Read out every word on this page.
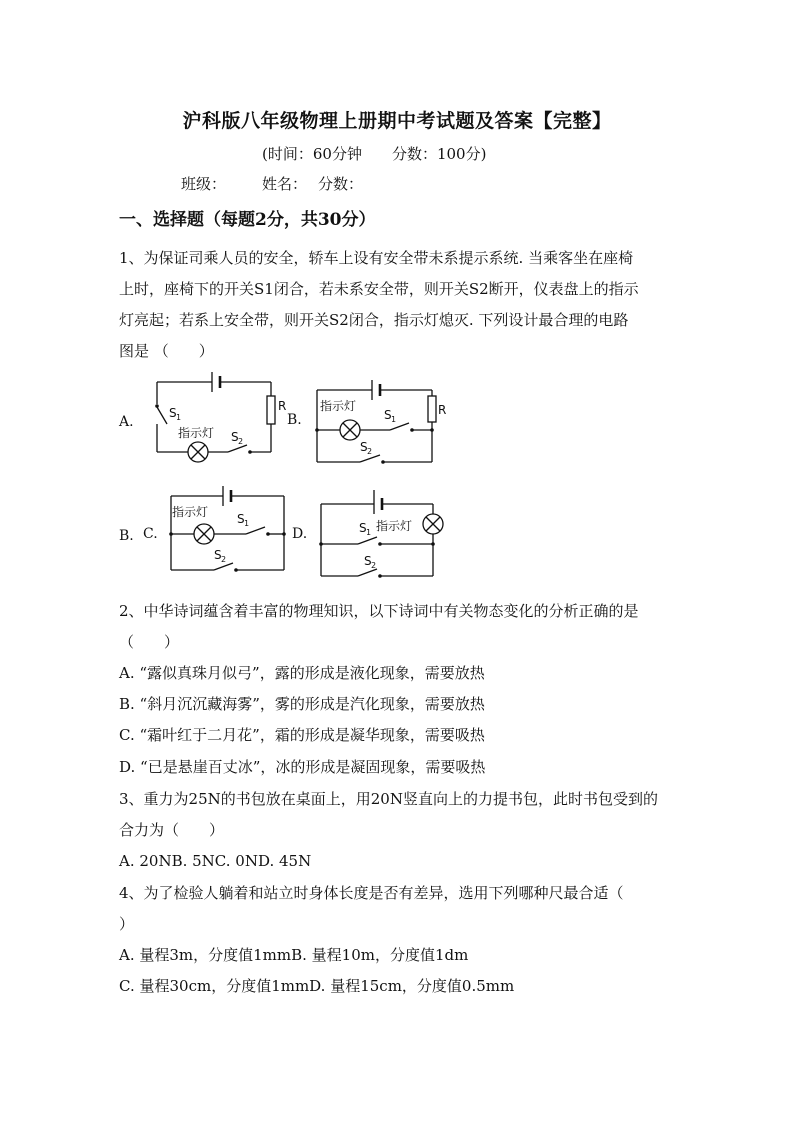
沪科版八年级物理上册期中考试题及答案【完整】
(时间：60分钟　　分数：100分)
班级： 姓名： 分数：
一、选择题（每题2分，共30分）
1、为保证司乘人员的安全，轿车上设有安全带未系提示系统. 当乘客坐在座椅
上时，座椅下的开关S1闭合，若未系安全带，则开关S2断开，仪表盘上的指示
灯亮起；若系上安全带，则开关S2闭合，指示灯熄灭. 下列设计最合理的电路
图是 （　　）
A.	B.
B. C.	D.
S 1
R
指示灯 S 2
R
指示灯
S 1
S 2
指示灯 S 1
S 2
S 1 指示灯
S 2
2、中华诗词蕴含着丰富的物理知识，以下诗词中有关物态变化的分析正确的是
（　　）
A. “露似真珠月似弓”，露的形成是液化现象，需要放热
B. “斜月沉沉藏海雾”，雾的形成是汽化现象，需要放热
C. “霜叶红于二月花”，霜的形成是凝华现象，需要吸热
D. “已是悬崖百丈冰”，冰的形成是凝固现象，需要吸热
3、重力为25N的书包放在桌面上，用20N竖直向上的力提书包，此时书包受到的
合力为（　　）
A. 20NB. 5NC. 0ND. 45N
4、为了检验人躺着和站立时身体长度是否有差异，选用下列哪种尺最合适（
）
A. 量程3m，分度值1mmB. 量程10m，分度值1dm
C. 量程30cm，分度值1mmD. 量程15cm，分度值0.5mm
